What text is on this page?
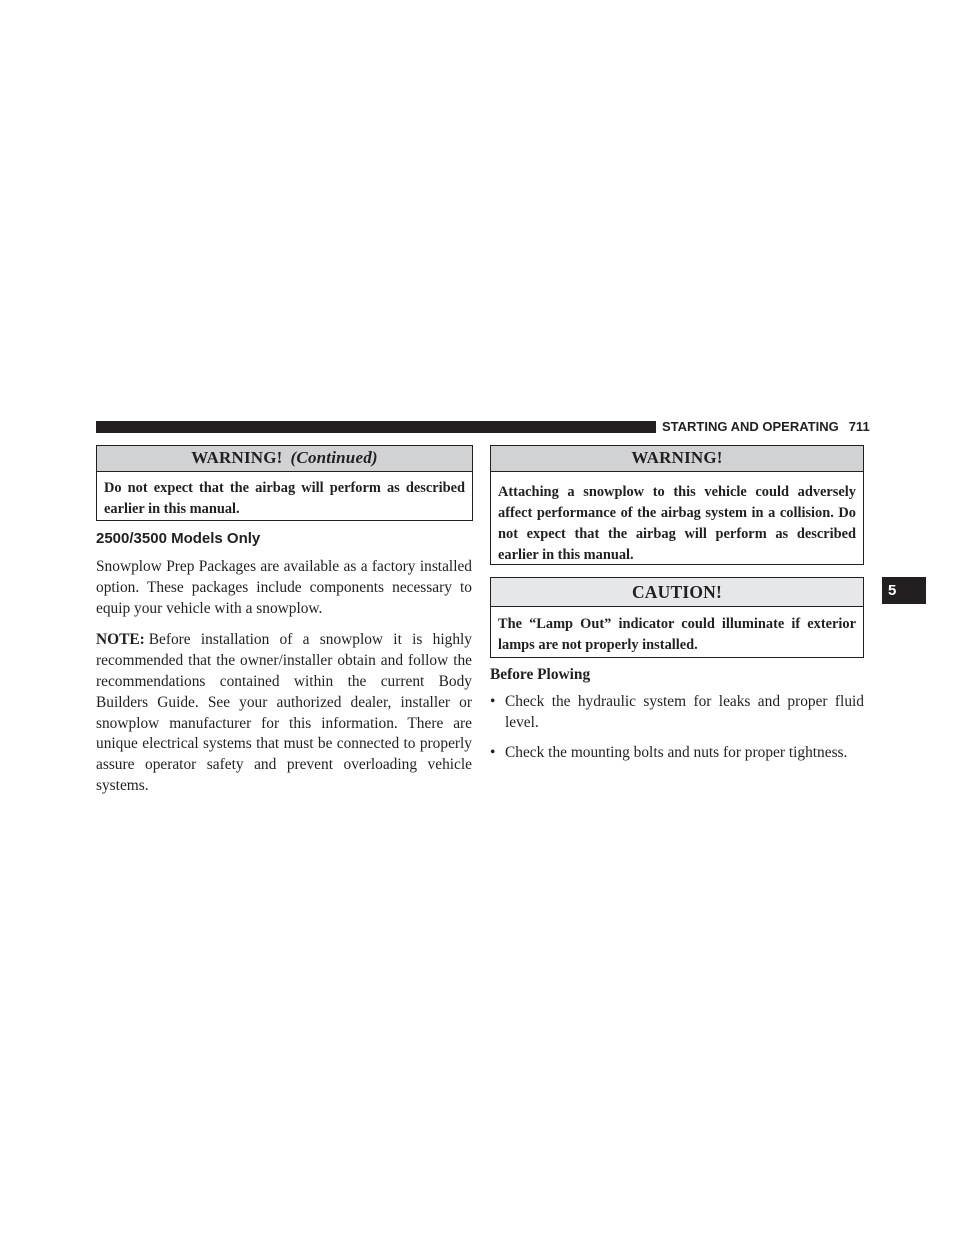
STARTING AND OPERATING 711
5
WARNING! (Continued)
Do not expect that the airbag will perform as described earlier in this manual.
2500/3500 Models Only

Snowplow Prep Packages are available as a factory installed option. These packages include components necessary to equip your vehicle with a snowplow.

NOTE: Before installation of a snowplow it is highly recommended that the owner/installer obtain and follow the recommendations contained within the current Body Builders Guide. See your authorized dealer, installer or snowplow manufacturer for this information. There are unique electrical systems that must be connected to properly assure operator safety and prevent overloading vehicle systems.

WARNING!
Attaching a snowplow to this vehicle could adversely affect performance of the airbag system in a collision. Do not expect that the airbag will perform as described earlier in this manual.
CAUTION!
The “Lamp Out” indicator could illuminate if exterior lamps are not properly installed.
Before Plowing
• Check the hydraulic system for leaks and proper fluid level.
• Check the mounting bolts and nuts for proper tightness.
